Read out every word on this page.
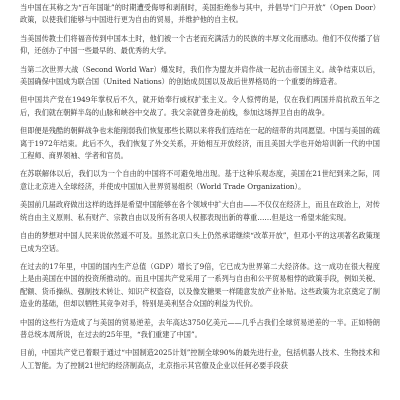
当中国在其称之为“百年国耻”的时期遭受侮辱和剥削时，美国拒绝参与其中，并倡导“门户开放”（Open Door）政策，以使我们能够与中国进行更为自由的贸易，并维护他的自主权。

当美国传教士们将福音传到中国本土时，他们被一个古老而充满活力的民族的丰厚文化而感动。他们不仅传播了信仰，还创办了中国一些最早的、最优秀的大学。

当第二次世界大战（Second World War）爆发时，我们作为盟友并肩作战一起抗击帝国主义。战争结束以后，美国确保中国成为联合国（United Nations）的创始成员国以及战后世界格局的一个重要的缔造者。

但中国共产党在1949年掌权后不久，就开始奉行威权扩张主义。令人惊愕的是，仅在我们两国并肩抗敌五年之后，我们就在朝鲜半岛的山脉和峡谷中交战了。我父亲就曾身赴前线，参加这场捍卫自由的战争。

但即便是残酷的朝鲜战争也未能削弱我们恢复那些长期以来将我们连结在一起的纽带的共同愿望。中国与美国的疏离于1972年结束。此后不久，我们恢复了外交关系，开始相互开放经济，而且美国大学也开始培训新一代的中国工程师、商界领袖、学者和官员。

在苏联解体以后，我们以为一个自由的中国将不可避免地出现。基于这种乐观态度，美国在21世纪到来之际，同意让北京进入全球经济，并使成中国加入世界贸易组织（World Trade Organization）。

美国前几届政府做出这样的选择是希望中国能够在各个领域中扩大自由——不仅仅在经济上，而且在政治上，对传统自由主义原则、私有财产、宗教自由以及所有各项人权都表现出新的尊重……但是这一希望未能实现。

自由的梦想对中国人民来说依然遥不可及。虽然北京口头上仍然承诺继续“改革开放”，但邓小平的这项著名政策现已成为空话。

在过去的17年里，中国的国内生产总值（GDP）增长了9倍，它已成为世界第二大经济体。这一成功在很大程度上是由美国在中国的投资所推动的。而且中国共产党采用了一系列与自由和公平贸易相悖的政策手段，例如关税、配额、货币操纵、强制技术转让、知识产权盗窃，以及像发糖果一样随意发放产业补贴。这些政策为北京奠定了制造业的基础，但却以牺牲其竞争对手，特别是美利坚合众国的利益为代价。

中国的这些行为造成了与美国的贸易逆差，去年高达3750亿美元——几乎占我们全球贸易逆差的一半。正如特朗普总统本周所说，在过去的25年里，“我们重建了中国”。

目前，中国共产党已着眼于通过“中国制造2025计划”控制全球90%的最先进行业，包括机器人技术、生物技术和人工智能。为了控制21世纪的经济制高点，北京指示其官僚及企业以任何必要手段获
